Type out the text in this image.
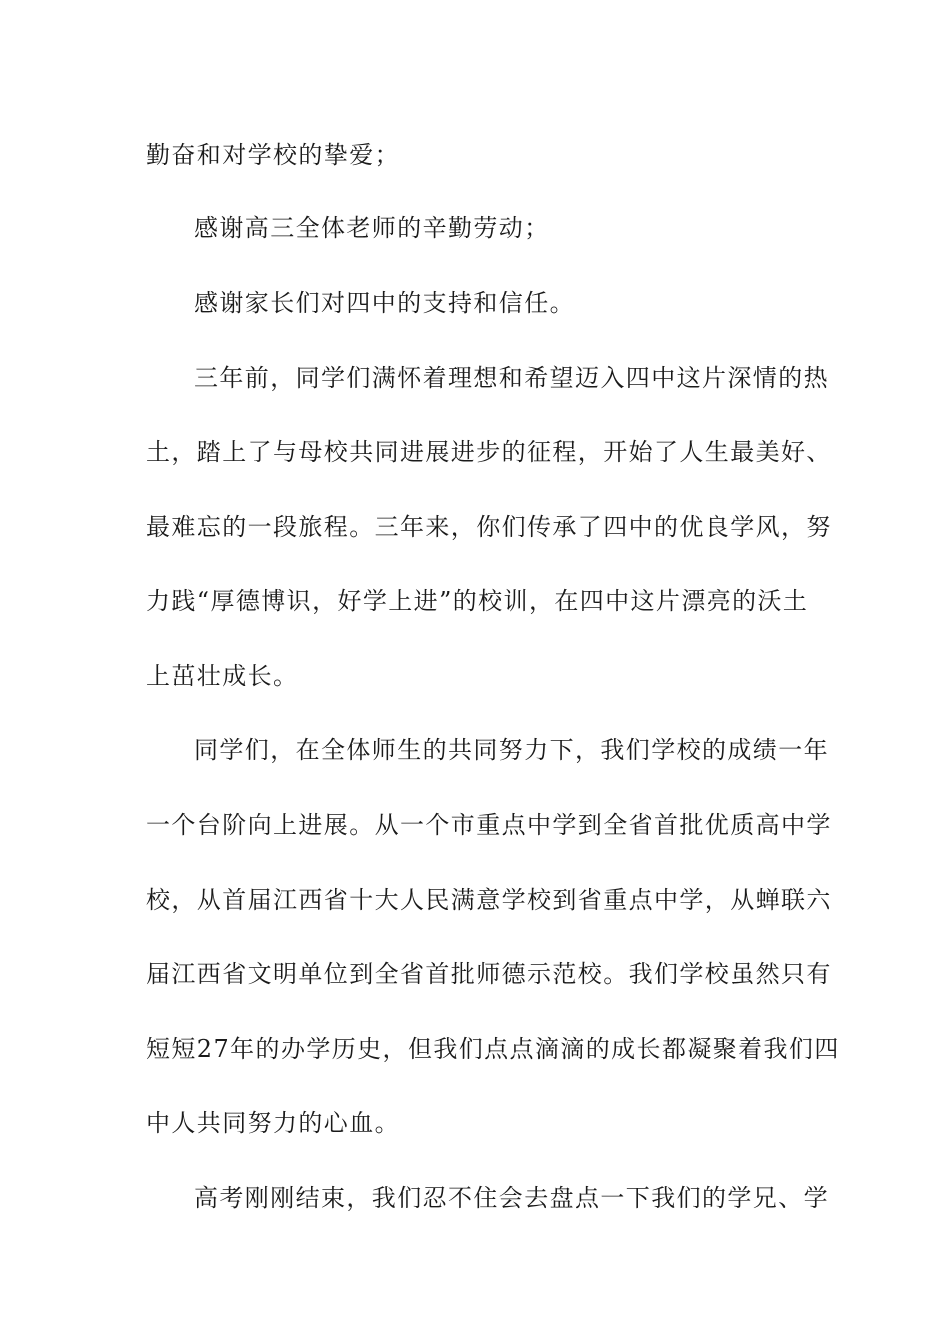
勤奋和对学校的挚爱；
感谢高三全体老师的辛勤劳动；
感谢家长们对四中的支持和信任。
三年前，同学们满怀着理想和希望迈入四中这片深情的热
土，踏上了与母校共同进展进步的征程，开始了人生最美好、
最难忘的一段旅程。三年来，你们传承了四中的优良学风，努
力践“厚德博识，好学上进”的校训，在四中这片漂亮的沃土
上茁壮成长。
同学们，在全体师生的共同努力下，我们学校的成绩一年
一个台阶向上进展。从一个市重点中学到全省首批优质高中学
校，从首届江西省十大人民满意学校到省重点中学，从蝉联六
届江西省文明单位到全省首批师德示范校。我们学校虽然只有
短短27年的办学历史，但我们点点滴滴的成长都凝聚着我们四
中人共同努力的心血。
高考刚刚结束，我们忍不住会去盘点一下我们的学兄、学
